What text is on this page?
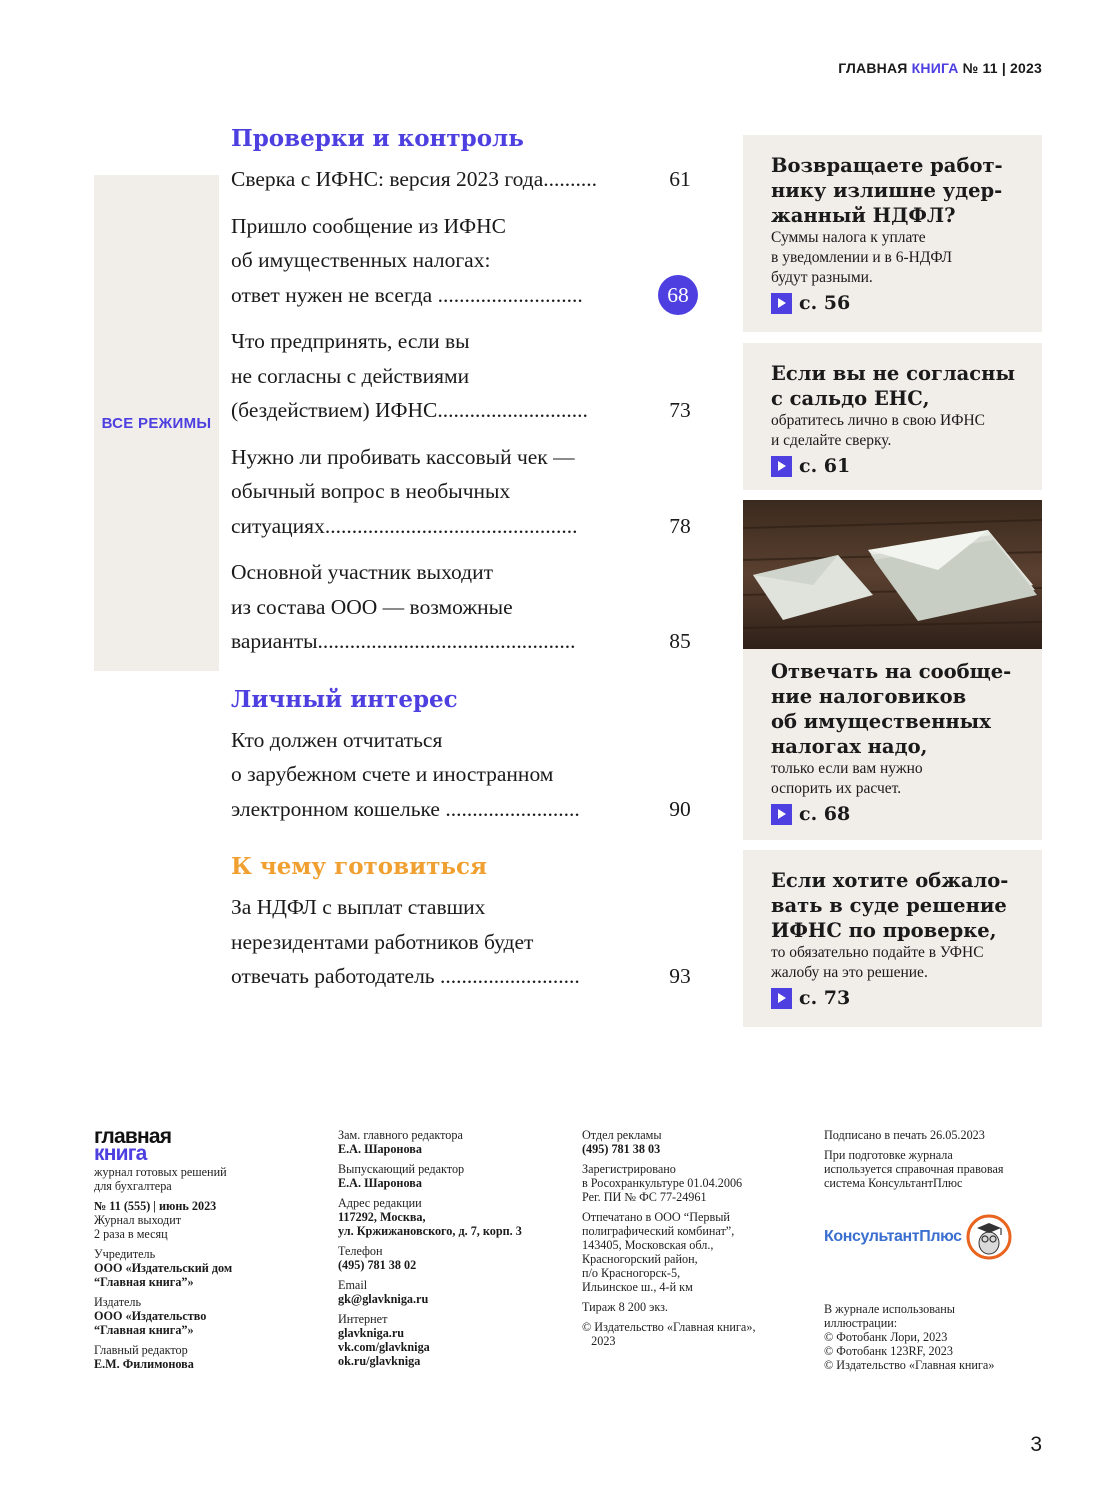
ГЛАВНАЯ КНИГА № 11 | 2023
ВСЕ РЕЖИМЫ
Проверки и контроль
Сверка с ИФНС: версия 2023 года..........	61
Пришло сообщение из ИФНС
об имущественных налогах:
ответ нужен не всегда ...........................	68
Что предпринять, если вы
не согласны с действиями
(бездействием) ИФНС............................	73
Нужно ли пробивать кассовый чек —
обычный вопрос в необычных
ситуациях...............................................	78
Основной участник выходит
из состава ООО — возможные
варианты................................................	85
Личный интерес
Кто должен отчитаться
о зарубежном счете и иностранном
электронном кошельке .........................	90
К чему готовиться
За НДФЛ с выплат ставших
нерезидентами работников будет
отвечать работодатель ..........................	93
Возвращаете работ-
нику излишне удер-
жанный НДФЛ?
Суммы налога к уплате
в уведомлении и в 6-НДФЛ
будут разными.
с. 56
Если вы не согласны
с сальдо ЕНС,
обратитесь лично в свою ИФНС
и сделайте сверку.
с. 61
Отвечать на сообще-
ние налоговиков
об имущественных
налогах надо,
только если вам нужно
оспорить их расчет.
с. 68
Если хотите обжало-
вать в суде решение
ИФНС по проверке,
то обязательно подайте в УФНС
жалобу на это решение.
с. 73
главная
книга
журнал готовых решений
для бухгалтера
№ 11 (555) | июнь 2023
Журнал выходит
2 раза в месяц
Учредитель
ООО «Издательский дом
“Главная книга”»
Издатель
ООО «Издательство
“Главная книга”»
Главный редактор
Е.М. Филимонова
Зам. главного редактора
Е.А. Шаронова
Выпускающий редактор
Е.А. Шаронова
Адрес редакции
117292, Москва,
ул. Кржижановского, д. 7, корп. 3
Телефон
(495) 781 38 02
Email
gk@glavkniga.ru
Интернет
glavkniga.ru
vk.com/glavkniga
ok.ru/glavkniga
Отдел рекламы
(495) 781 38 03
Зарегистрировано
в Росохранкультуре 01.04.2006
Рег. ПИ № ФС 77-24961
Отпечатано в ООО “Первый
полиграфический комбинат”,
143405, Московская обл.,
Красногорский район,
п/о Красногорск-5,
Ильинское ш., 4-й км
Тираж 8 200 экз.
© Издательство «Главная книга»,
2023
Подписано в печать 26.05.2023
При подготовке журнала
используется справочная правовая
система КонсультантПлюс
КонсультантПлюс
В журнале использованы
иллюстрации:
© Фотобанк Лори, 2023
© Фотобанк 123RF, 2023
© Издательство «Главная книга»
3
